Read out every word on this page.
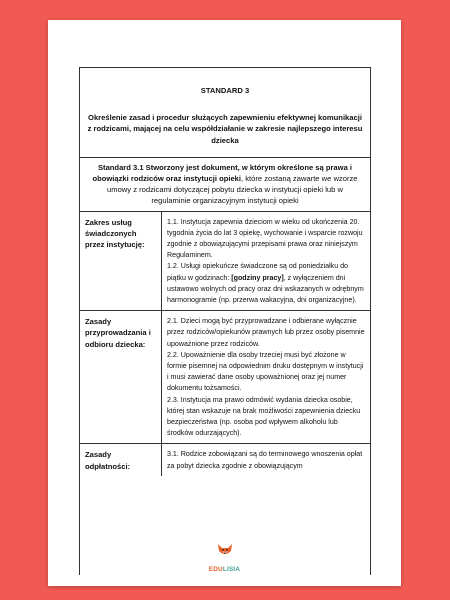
STANDARD 3
Określenie zasad i procedur służących zapewnieniu efektywnej komunikacji z rodzicami, mającej na celu współdziałanie w zakresie najlepszego interesu dziecka
Standard 3.1 Stworzony jest dokument, w którym określone są prawa i obowiązki rodziców oraz instytucji opieki, które zostaną zawarte we wzorze umowy z rodzicami dotyczącej pobytu dziecka w instytucji opieki lub w regulaminie organizacyjnym instytucji opieki
Zakres usług świadczonych przez instytucję:

1.1. Instytucja zapewnia dzieciom w wieku od ukończenia 20. tygodnia życia do lat 3 opiekę, wychowanie i wsparcie rozwoju zgodnie z obowiązującymi przepisami prawa oraz niniejszym Regulaminem.

1.2. Usługi opiekuńcze świadczone są od poniedziałku do piątku w godzinach: [godziny pracy], z wyłączeniem dni ustawowo wolnych od pracy oraz dni wskazanych w odrębnym harmonogramie (np. przerwa wakacyjna, dni organizacyjne).

Zasady przyprowadzania i odbioru dziecka:

2.1. Dzieci mogą być przyprowadzane i odbierane wyłącznie przez rodziców/opiekunów prawnych lub przez osoby pisemnie upoważnione przez rodziców.

2.2. Upoważnienie dla osoby trzeciej musi być złożone w formie pisemnej na odpowiednim druku dostępnym w instytucji i musi zawierać dane osoby upoważnionej oraz jej numer dokumentu tożsamości.

2.3. Instytucja ma prawo odmówić wydania dziecka osobie, której stan wskazuje na brak możliwości zapewnienia dziecku bezpieczeństwa (np. osoba pod wpływem alkoholu lub środków odurzających).

Zasady odpłatności:

3.1. Rodzice zobowiązani są do terminowego wnoszenia opłat za pobyt dziecka zgodnie z obowiązującym

EDULISIA
